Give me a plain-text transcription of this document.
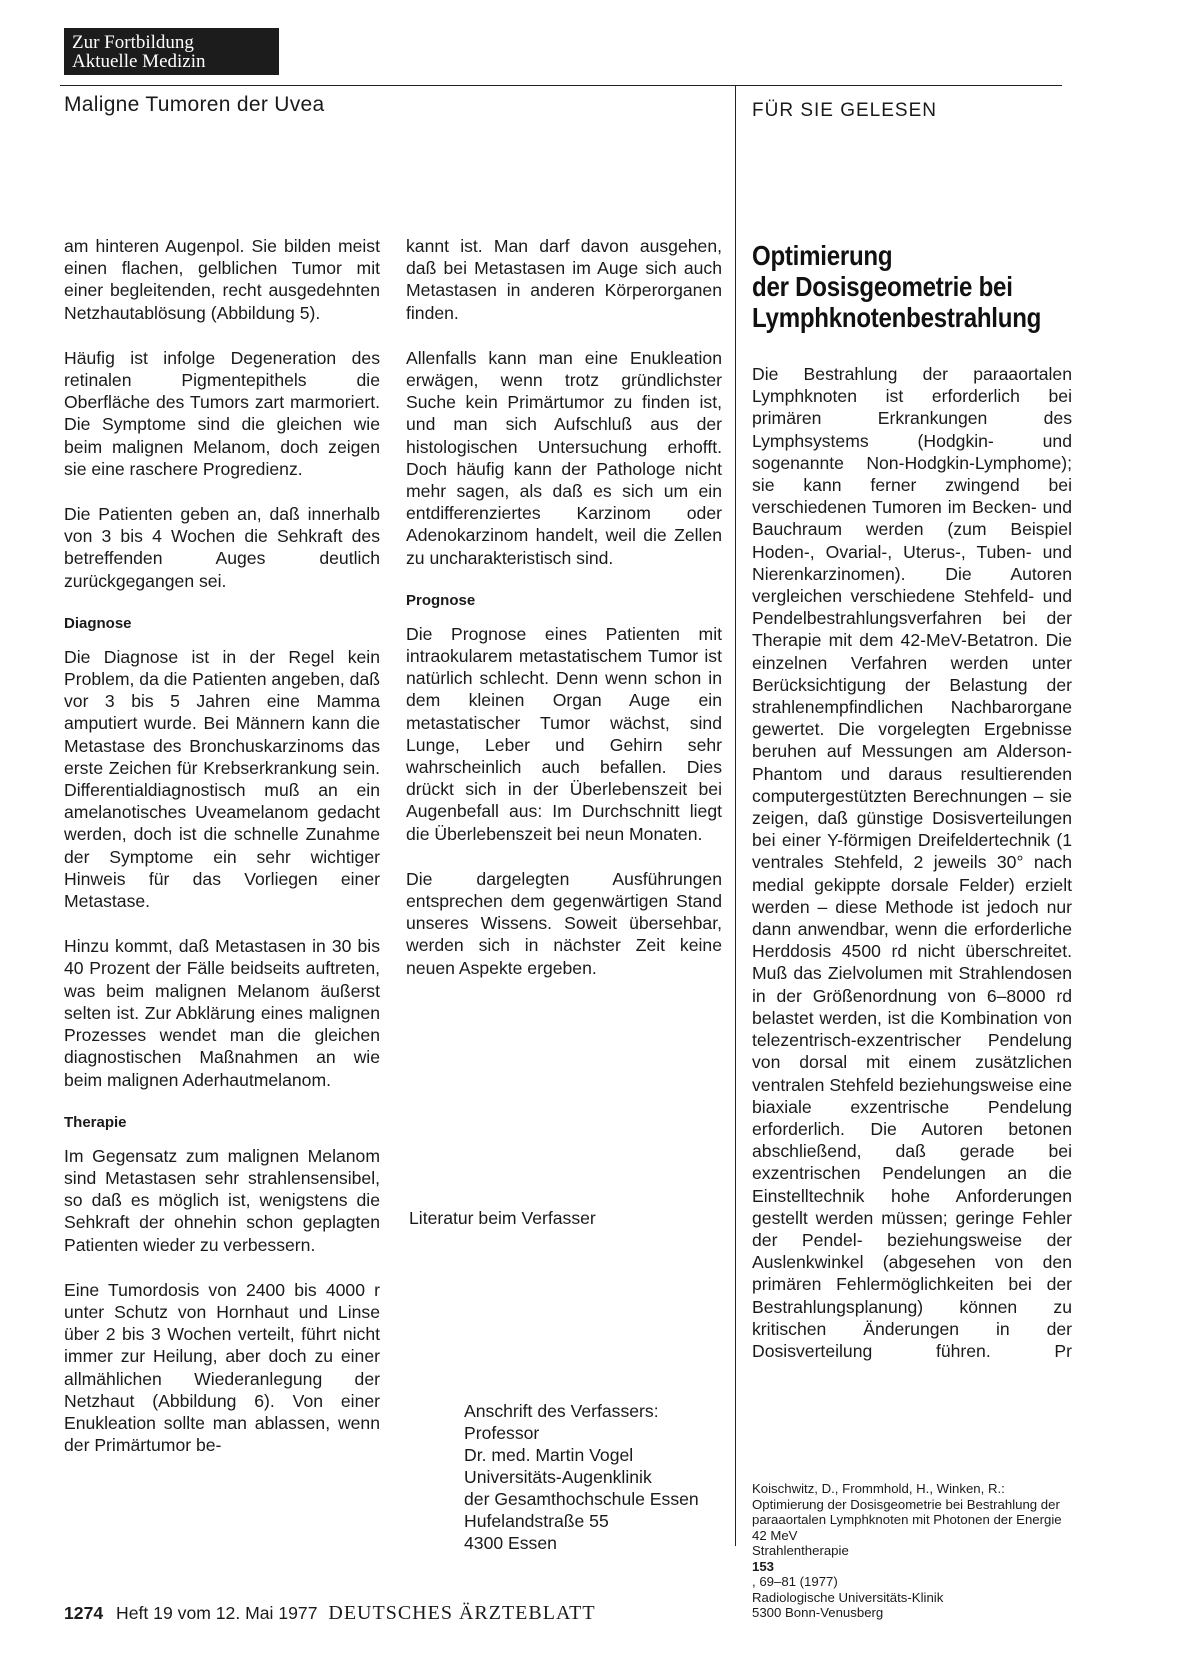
Zur Fortbildung
Aktuelle Medizin
Maligne Tumoren der Uvea	FÜR SIE GELESEN

am hinteren Augenpol. Sie bilden meist einen flachen, gelblichen Tumor mit einer begleitenden, recht ausgedehnten Netzhautablösung (Abbildung 5).

Häufig ist infolge Degeneration des retinalen Pigmentepithels die Oberfläche des Tumors zart marmoriert. Die Symptome sind die gleichen wie beim malignen Melanom, doch zeigen sie eine raschere Progredienz.

Die Patienten geben an, daß innerhalb von 3 bis 4 Wochen die Sehkraft des betreffenden Auges deutlich zurückgegangen sei.

Diagnose

Die Diagnose ist in der Regel kein Problem, da die Patienten angeben, daß vor 3 bis 5 Jahren eine Mamma amputiert wurde. Bei Männern kann die Metastase des Bronchuskarzinoms das erste Zeichen für Krebserkrankung sein. Differentialdiagnostisch muß an ein amelanotisches Uveamelanom gedacht werden, doch ist die schnelle Zunahme der Symptome ein sehr wichtiger Hinweis für das Vorliegen einer Metastase.

Hinzu kommt, daß Metastasen in 30 bis 40 Prozent der Fälle beidseits auftreten, was beim malignen Melanom äußerst selten ist. Zur Abklärung eines malignen Prozesses wendet man die gleichen diagnostischen Maßnahmen an wie beim malignen Aderhautmelanom.

Therapie

Im Gegensatz zum malignen Melanom sind Metastasen sehr strahlensensibel, so daß es möglich ist, wenigstens die Sehkraft der ohnehin schon geplagten Patienten wieder zu verbessern.

Eine Tumordosis von 2400 bis 4000 r unter Schutz von Hornhaut und Linse über 2 bis 3 Wochen verteilt, führt nicht immer zur Heilung, aber doch zu einer allmählichen Wiederanlegung der Netzhaut (Abbildung 6). Von einer Enukleation sollte man ablassen, wenn der Primärtumor be-

kannt ist. Man darf davon ausgehen, daß bei Metastasen im Auge sich auch Metastasen in anderen Körperorganen finden.

Allenfalls kann man eine Enukleation erwägen, wenn trotz gründlichster Suche kein Primärtumor zu finden ist, und man sich Aufschluß aus der histologischen Untersuchung erhofft. Doch häufig kann der Pathologe nicht mehr sagen, als daß es sich um ein entdifferenziertes Karzinom oder Adenokarzinom handelt, weil die Zellen zu uncharakteristisch sind.

Prognose

Die Prognose eines Patienten mit intraokularem metastatischem Tumor ist natürlich schlecht. Denn wenn schon in dem kleinen Organ Auge ein metastatischer Tumor wächst, sind Lunge, Leber und Gehirn sehr wahrscheinlich auch befallen. Dies drückt sich in der Überlebenszeit bei Augenbefall aus: Im Durchschnitt liegt die Überlebenszeit bei neun Monaten.

Die dargelegten Ausführungen entsprechen dem gegenwärtigen Stand unseres Wissens. Soweit übersehbar, werden sich in nächster Zeit keine neuen Aspekte ergeben.

Literatur beim Verfasser
Anschrift des Verfassers:
Professor
Dr. med. Martin Vogel
Universitäts-Augenklinik
der Gesamthochschule Essen
Hufelandstraße 55
4300 Essen
Optimierung
der Dosisgeometrie bei
Lymphknotenbestrahlung

Die Bestrahlung der paraaortalen Lymphknoten ist erforderlich bei primären Erkrankungen des Lymphsystems (Hodgkin- und sogenannte Non-Hodgkin-Lymphome); sie kann ferner zwingend bei verschiedenen Tumoren im Becken- und Bauchraum werden (zum Beispiel Hoden-, Ovarial-, Uterus-, Tuben- und Nierenkarzinomen). Die Autoren vergleichen verschiedene Stehfeld- und Pendelbestrahlungsverfahren bei der Therapie mit dem 42-MeV-Betatron. Die einzelnen Verfahren werden unter Berücksichtigung der Belastung der strahlenempfindlichen Nachbarorgane gewertet. Die vorgelegten Ergebnisse beruhen auf Messungen am Alderson-Phantom und daraus resultierenden computergestützten Berechnungen – sie zeigen, daß günstige Dosisverteilungen bei einer Y-förmigen Dreifeldertechnik (1 ventrales Stehfeld, 2 jeweils 30° nach medial gekippte dorsale Felder) erzielt werden – diese Methode ist jedoch nur dann anwendbar, wenn die erforderliche Herddosis 4500 rd nicht überschreitet. Muß das Zielvolumen mit Strahlendosen in der Größenordnung von 6–8000 rd belastet werden, ist die Kombination von telezentrisch-exzentrischer Pendelung von dorsal mit einem zusätzlichen ventralen Stehfeld beziehungsweise eine biaxiale exzentrische Pendelung erforderlich. Die Autoren betonen abschließend, daß gerade bei exzentrischen Pendelungen an die Einstelltechnik hohe Anforderungen gestellt werden müssen; geringe Fehler der Pendel- beziehungsweise der Auslenkwinkel (abgesehen von den primären Fehlermöglichkeiten bei der Bestrahlungsplanung) können zu kritischen Änderungen in der Dosisverteilung führen.	Pr

Koischwitz, D., Frommhold, H., Winken, R.:
Optimierung der Dosisgeometrie bei Bestrahlung der paraaortalen Lymphknoten mit Photonen der Energie 42 MeV
Strahlentherapie
153
, 69–81 (1977)
Radiologische Universitäts-Klinik
5300 Bonn-Venusberg
1274 Heft 19 vom 12. Mai 1977 DEUTSCHES ÄRZTEBLATT
